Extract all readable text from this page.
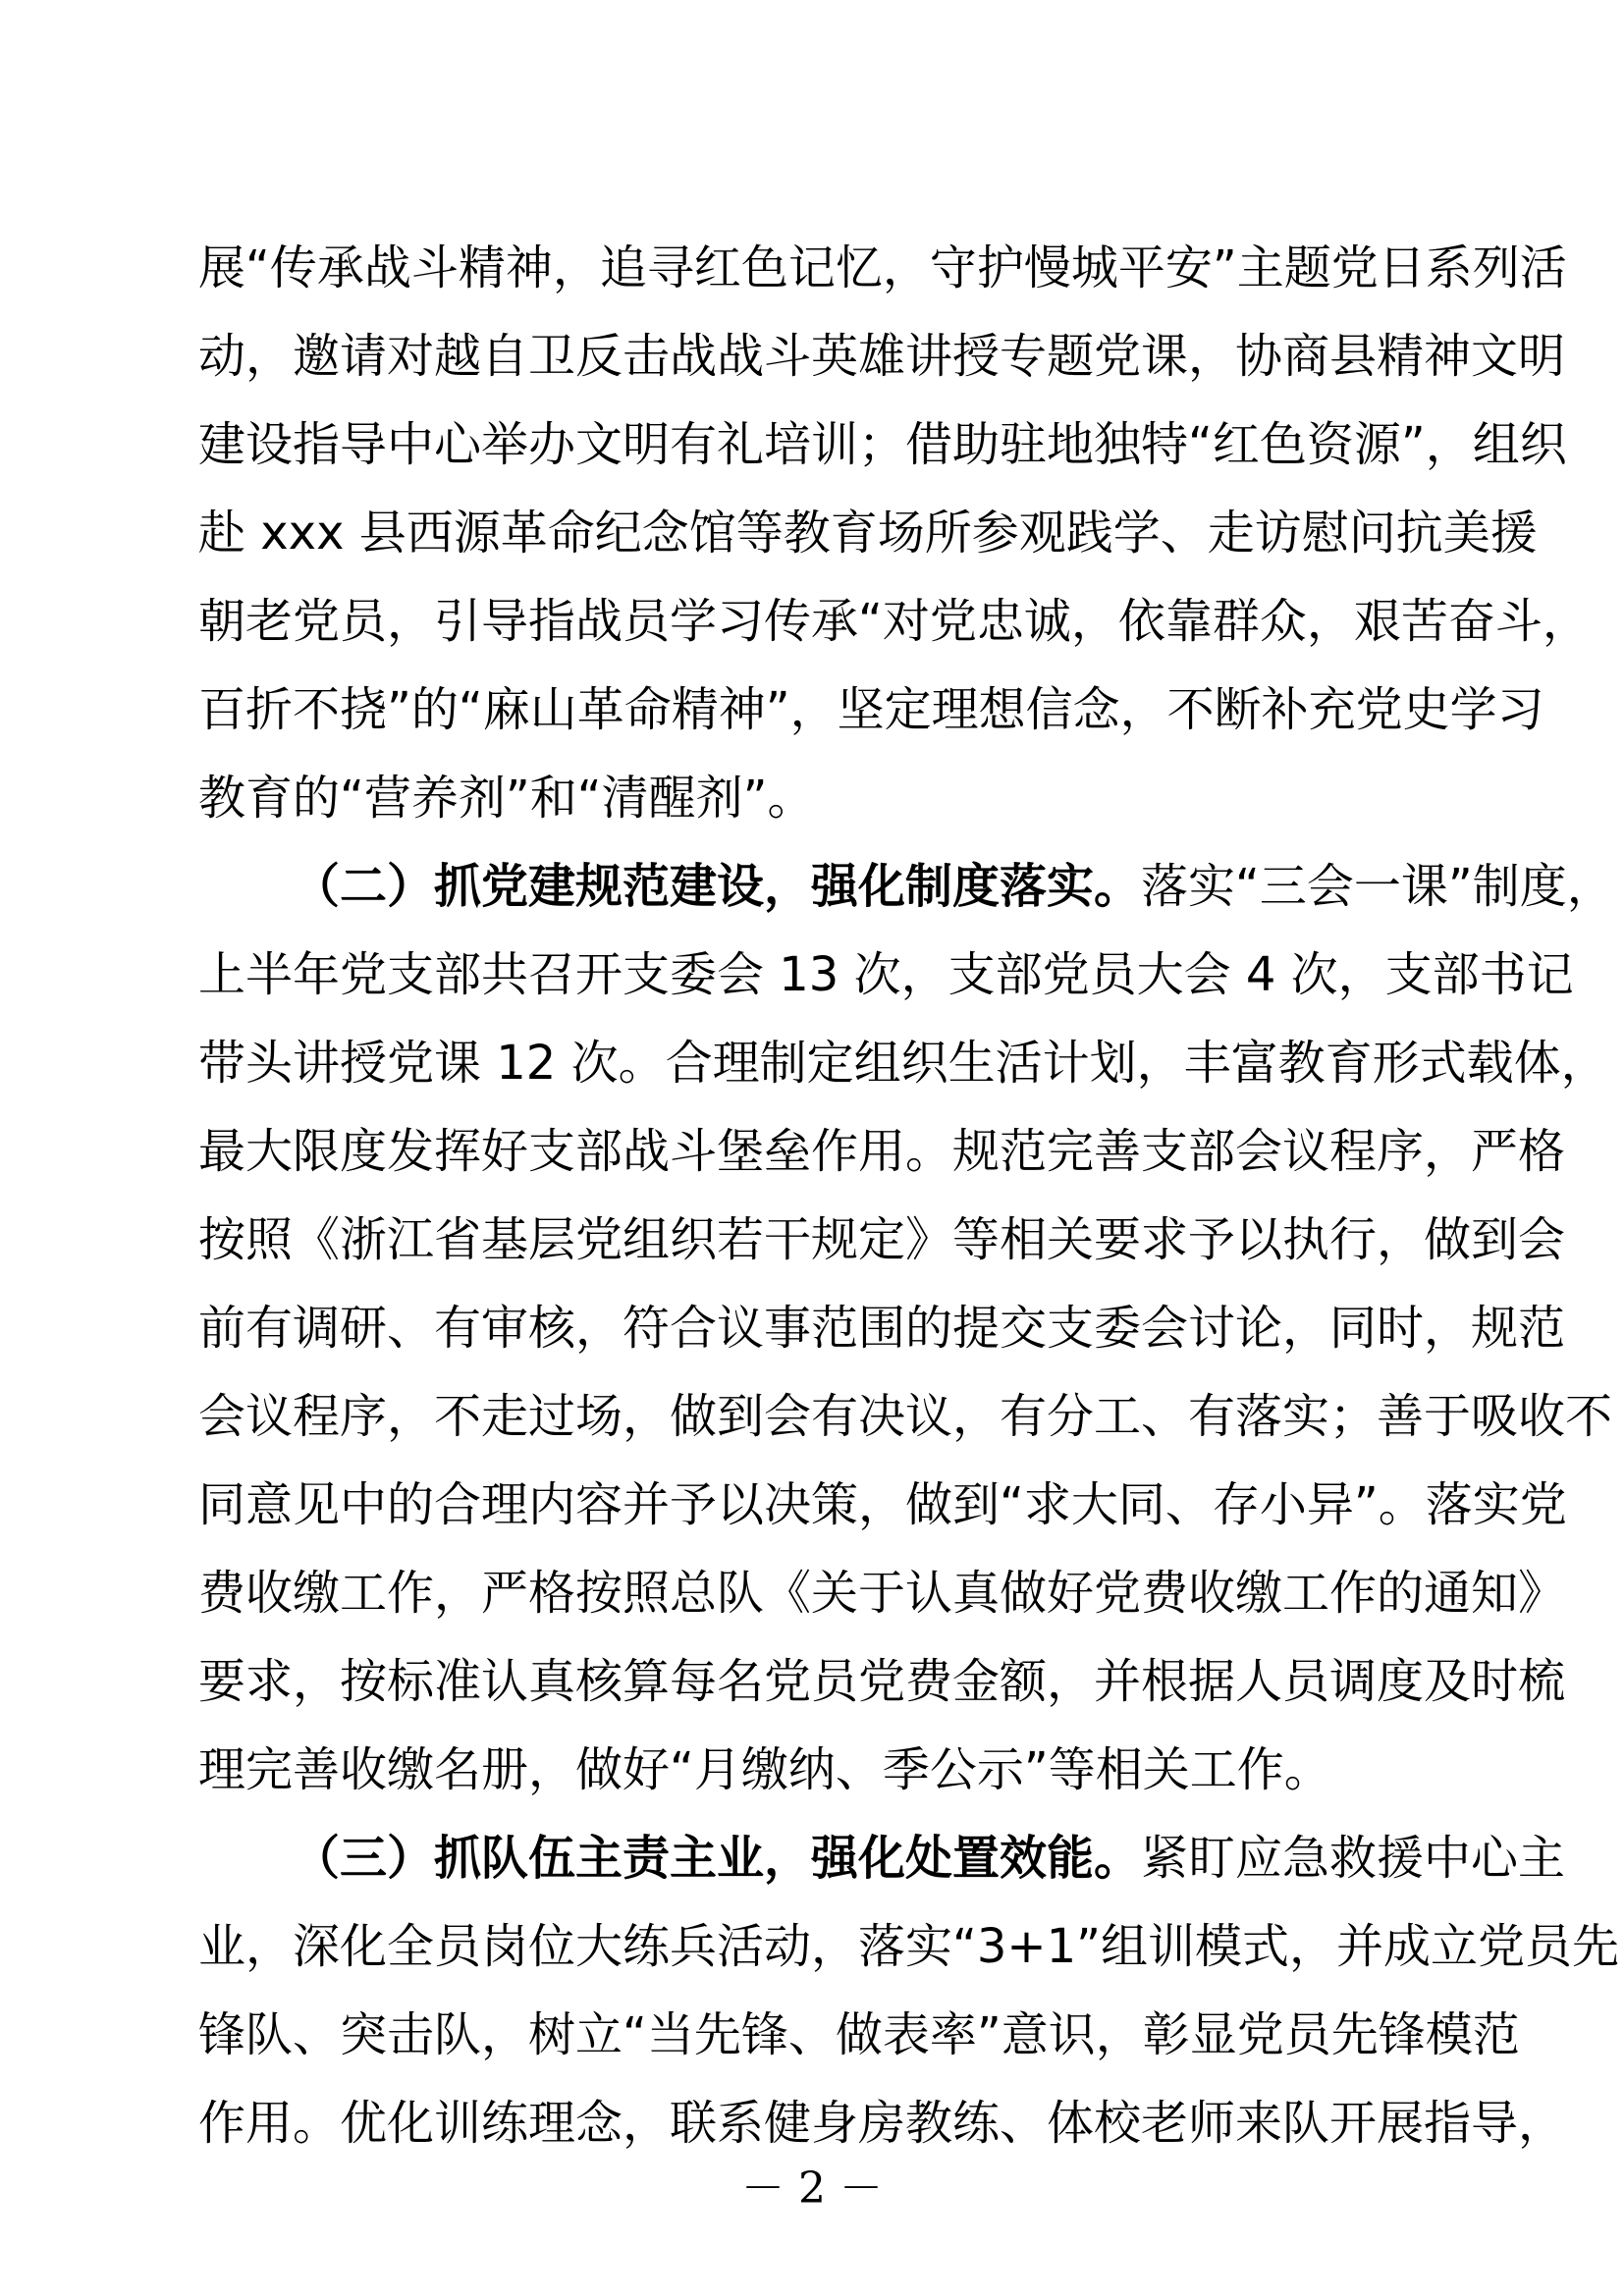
展“传承战斗精神，追寻红色记忆，守护慢城平安”主题党日系列活
动，邀请对越自卫反击战战斗英雄讲授专题党课，协商县精神文明
建设指导中心举办文明有礼培训；借助驻地独特“红色资源”，组织
赴 xxx 县西源革命纪念馆等教育场所参观践学、走访慰问抗美援
朝老党员，引导指战员学习传承“对党忠诚，依靠群众，艰苦奋斗，
百折不挠”的“麻山革命精神”，坚定理想信念，不断补充党史学习
教育的“营养剂”和“清醒剂”。
（二）抓党建规范建设，强化制度落实。落实“三会一课”制度，
上半年党支部共召开支委会 13 次，支部党员大会 4 次，支部书记
带头讲授党课 12 次。合理制定组织生活计划，丰富教育形式载体，
最大限度发挥好支部战斗堡垒作用。规范完善支部会议程序，严格
按照《浙江省基层党组织若干规定》等相关要求予以执行，做到会
前有调研、有审核，符合议事范围的提交支委会讨论，同时，规范
会议程序，不走过场，做到会有决议，有分工、有落实；善于吸收不
同意见中的合理内容并予以决策，做到“求大同、存小异”。落实党
费收缴工作，严格按照总队《关于认真做好党费收缴工作的通知》
要求，按标准认真核算每名党员党费金额，并根据人员调度及时梳
理完善收缴名册，做好“月缴纳、季公示”等相关工作。
（三）抓队伍主责主业，强化处置效能。紧盯应急救援中心主
业，深化全员岗位大练兵活动，落实“3+1”组训模式，并成立党员先
锋队、突击队，树立“当先锋、做表率”意识，彰显党员先锋模范
作用。优化训练理念，联系健身房教练、体校老师来队开展指导，
－ 2 －
